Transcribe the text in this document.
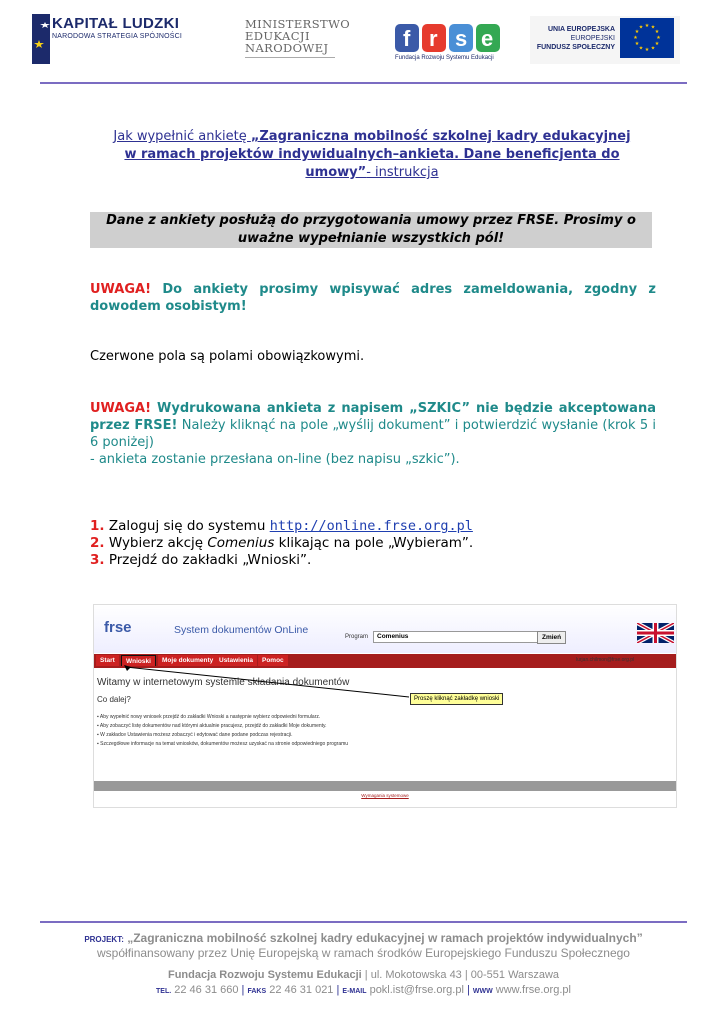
KAPITAŁ LUDZKI
NARODOWA STRATEGIA SPÓJNOŚCI
MINISTERSTWO
EDUKACJI
NARODOWEJ	f r s e
Fundacja Rozwoju Systemu Edukacji
UNIA EUROPEJSKA
EUROPEJSKI
FUNDUSZ SPOŁECZNY
★ ★
★
★
★
★
★
★
★
★
★
★
Jak wypełnić ankietę „Zagraniczna mobilność szkolnej kadry edukacyjnej w ramach projektów indywidualnych–ankieta. Dane beneficjenta do umowy”- instrukcja
Dane z ankiety posłużą do przygotowania umowy przez FRSE. Prosimy o uważne wypełnianie wszystkich pól!
UWAGA! Do ankiety prosimy wpisywać adres zameldowania, zgodny z dowodem osobistym!
Czerwone pola są polami obowiązkowymi.
UWAGA! Wydrukowana ankieta z napisem „SZKIC” nie będzie akceptowana przez FRSE! Należy kliknąć na pole „wyślij dokument” i potwierdzić wysłanie (krok 5 i 6 poniżej)
- ankieta zostanie przesłana on-line (bez napisu „szkic”).
1. Zaloguj się do systemu http://online.frse.org.pl
2. Wybierz akcję Comenius klikając na pole „Wybieram”.
3. Przejdź do zakładki „Wnioski”.
frse	System dokumentów OnLine
Program	Comenius	Zmień
Start	Wnioski	Moje dokumenty Ustawienia	Pomoc	lurjan.chilmon@frse.org.pl	Wyloguj
Witamy w internetowym systemie składania dokumentów
Co dalej?	Proszę kliknąć zakładkę wnioski
▪ Aby wypełnić nowy wniosek przejdź do zakładki Wnioski a następnie wybierz odpowiedni formularz.
▪ Aby zobaczyć listę dokumentów nad którymi aktualnie pracujesz, przejdź do zakładki Moje dokumenty.
▪ W zakładce Ustawienia możesz zobaczyć i edytować dane podane podczas rejestracji.
▪ Szczegółowe informacje na temat wniosków, dokumentów możesz uzyskać na stronie odpowiedniego programu
Wymagania systemowe
PROJEKT: „Zagraniczna mobilność szkolnej kadry edukacyjnej w ramach projektów indywidualnych”
współfinansowany przez Unię Europejską w ramach środków Europejskiego Funduszu Społecznego
Fundacja Rozwoju Systemu Edukacji | ul. Mokotowska 43 | 00-551 Warszawa
TEL. 22 46 31 660 | FAKS 22 46 31 021 | E-MAIL pokl.ist@frse.org.pl | WWW www.frse.org.pl
